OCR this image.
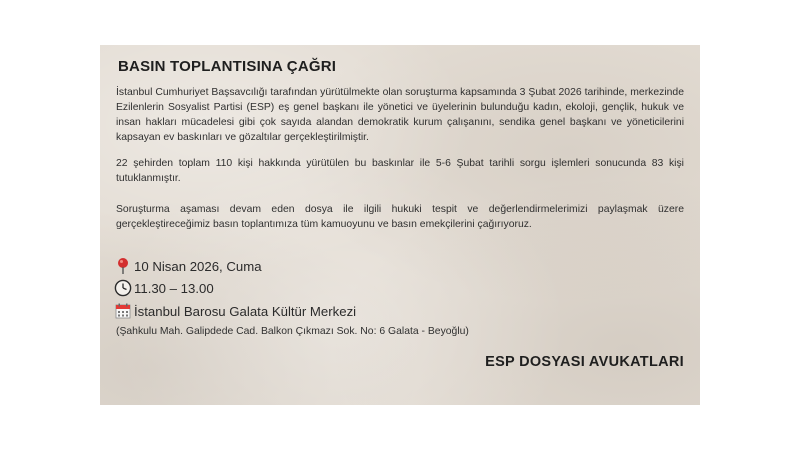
BASIN TOPLANTISINA ÇAĞRI
İstanbul Cumhuriyet Başsavcılığı tarafından yürütülmekte olan soruşturma kapsamında 3 Şubat 2026 tarihinde, merkezinde Ezilenlerin Sosyalist Partisi (ESP) eş genel başkanı ile yönetici ve üyelerinin bulunduğu kadın, ekoloji, gençlik, hukuk ve insan hakları mücadelesi gibi çok sayıda alandan demokratik kurum çalışanını, sendika genel başkanı ve yöneticilerini kapsayan ev baskınları ve gözaltılar gerçekleştirilmiştir.
22 şehirden toplam 110 kişi hakkında yürütülen bu baskınlar ile 5-6 Şubat tarihli sorgu işlemleri sonucunda 83 kişi tutuklanmıştır.
Soruşturma aşaması devam eden dosya ile ilgili hukuki tespit ve değerlendirmelerimizi paylaşmak üzere gerçekleştireceğimiz basın toplantımıza tüm kamuoyunu ve basın emekçilerini çağırıyoruz.
10 Nisan 2026, Cuma
11.30 – 13.00
İstanbul Barosu Galata Kültür Merkezi
(Şahkulu Mah. Galipdede Cad. Balkon Çıkmazı Sok. No: 6 Galata - Beyoğlu)
ESP DOSYASI AVUKATLARI
